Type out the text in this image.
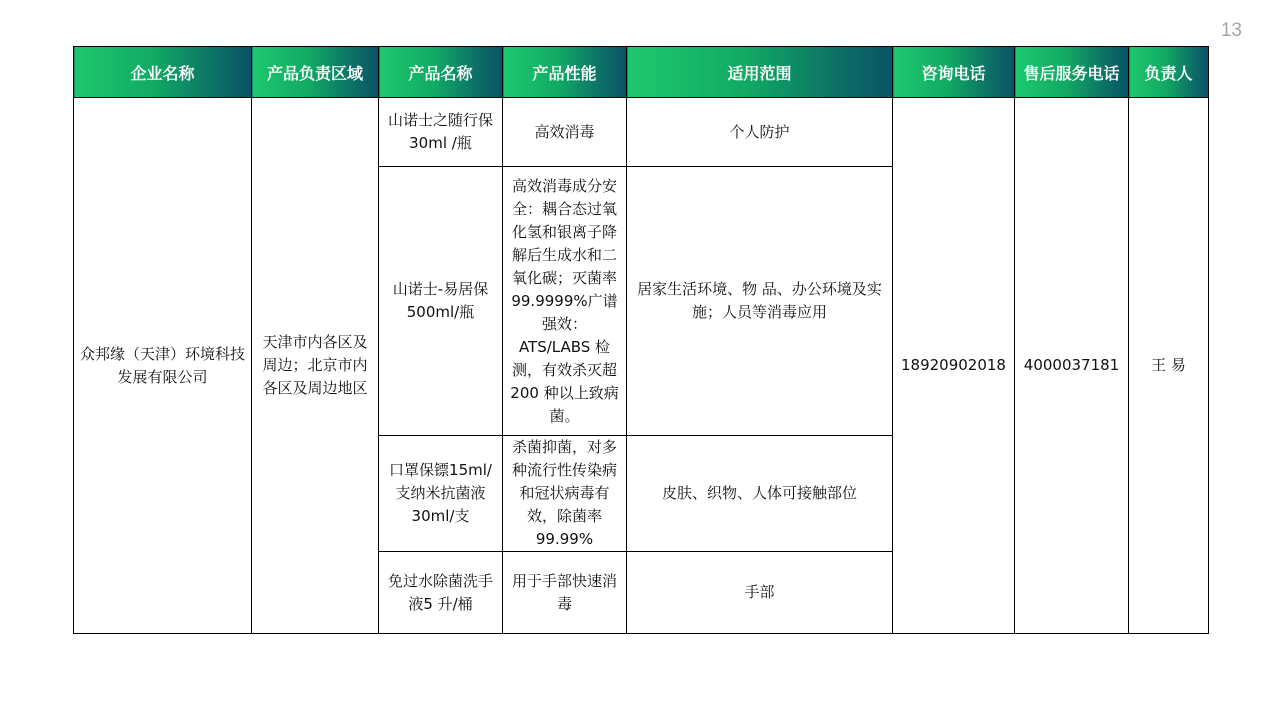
13
企业名称	产品负责区域	产品名称	产品性能	适用范围	咨询电话	售后服务电话	负责人
众邦缘（天津）环境科技发展有限公司	天津市内各区及周边；北京市内各区及周边地区	山诺士之随行保30ml /瓶	高效消毒	个人防护	18920902018	4000037181	王 易
		山诺士-易居保500ml/瓶	高效消毒成分安全：耦合态过氧化氢和银离子降解后生成水和二氧化碳；灭菌率99.9999%广谱强效：ATS/LABS 检测，有效杀灭超200 种以上致病菌。	居家生活环境、物 品、办公环境及实施；人员等消毒应用			
		口罩保镖15ml/支纳米抗菌液30ml/支	杀菌抑菌，对多种流行性传染病和冠状病毒有效，除菌率99.99%	皮肤、织物、人体可接触部位			
		免过水除菌洗手液5 升/桶	用于手部快速消毒	手部			
